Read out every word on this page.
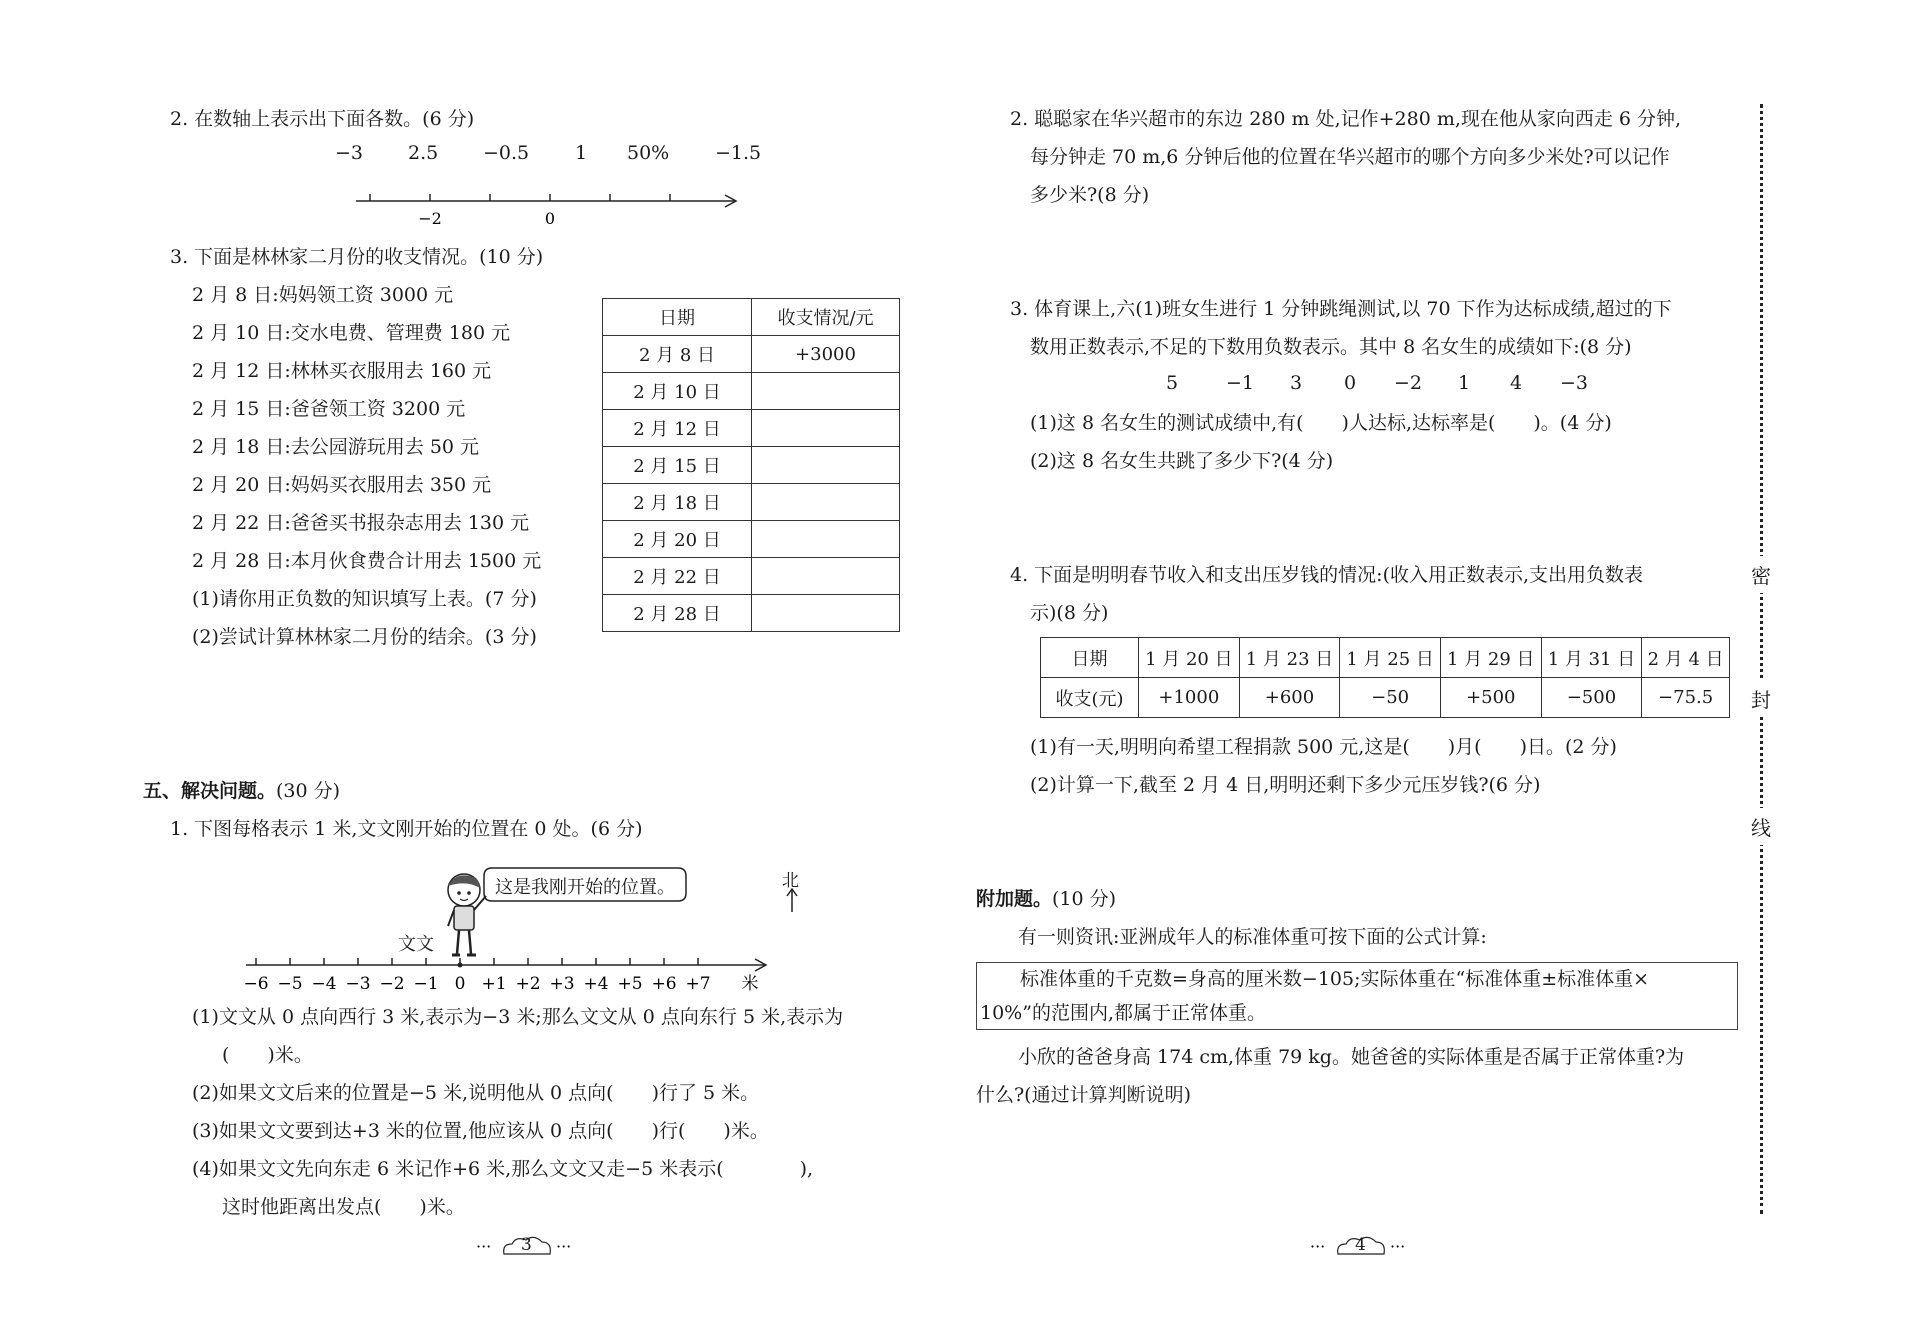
2. 在数轴上表示出下面各数。(6 分)
−3 2.5 −0.5 1 50% −1.5
−2	0
3. 下面是林林家二月份的收支情况。(10 分)
2 月 8 日:妈妈领工资 3000 元
2 月 10 日:交水电费、管理费 180 元
2 月 12 日:林林买衣服用去 160 元
2 月 15 日:爸爸领工资 3200 元
2 月 18 日:去公园游玩用去 50 元
2 月 20 日:妈妈买衣服用去 350 元
2 月 22 日:爸爸买书报杂志用去 130 元
2 月 28 日:本月伙食费合计用去 1500 元
(1)请你用正负数的知识填写上表。(7 分)
(2)尝试计算林林家二月份的结余。(3 分)
日期	收支情况/元
2 月 8 日	+3000
2 月 10 日	
2 月 12 日	
2 月 15 日	
2 月 18 日	
2 月 20 日	
2 月 22 日	
2 月 28 日	
五、解决问题。(30 分)
1. 下图每格表示 1 米,文文刚开始的位置在 0 处。(6 分)
这是我刚开始的位置。	北
文文
−6 −5 −4 −3 −2 −1 0 +1 +2 +3 +4 +5 +6 +7 米
(1)文文从 0 点向西行 3 米,表示为−3 米;那么文文从 0 点向东行 5 米,表示为
(　　)米。
(2)如果文文后来的位置是−5 米,说明他从 0 点向(　　)行了 5 米。
(3)如果文文要到达+3 米的位置,他应该从 0 点向(　　)行(　　)米。
(4)如果文文先向东走 6 米记作+6 米,那么文文又走−5 米表示(　　　　),
这时他距离出发点(　　)米。
···	···
3
2. 聪聪家在华兴超市的东边 280 m 处,记作+280 m,现在他从家向西走 6 分钟,
每分钟走 70 m,6 分钟后他的位置在华兴超市的哪个方向多少米处?可以记作
多少米?(8 分)
3. 体育课上,六(1)班女生进行 1 分钟跳绳测试,以 70 下作为达标成绩,超过的下
数用正数表示,不足的下数用负数表示。其中 8 名女生的成绩如下:(8 分)
5	−1 3 0 −2 1 4 −3
(1)这 8 名女生的测试成绩中,有(　　)人达标,达标率是(　　)。(4 分)
(2)这 8 名女生共跳了多少下?(4 分)
4. 下面是明明春节收入和支出压岁钱的情况:(收入用正数表示,支出用负数表
示)(8 分)
日期	1 月 20 日	1 月 23 日	1 月 25 日	1 月 29 日	1 月 31 日	2 月 4 日
收支(元)	+1000	+600	−50	+500	−500	−75.5
(1)有一天,明明向希望工程捐款 500 元,这是(　　)月(　　)日。(2 分)
(2)计算一下,截至 2 月 4 日,明明还剩下多少元压岁钱?(6 分)
附加题。(10 分)
有一则资讯:亚洲成年人的标准体重可按下面的公式计算:
标准体重的千克数=身高的厘米数−105;实际体重在“标准体重±标准体重×
10%”的范围内,都属于正常体重。
小欣的爸爸身高 174 cm,体重 79 kg。她爸爸的实际体重是否属于正常体重?为
什么?(通过计算判断说明)
···	···
4
密
封
线
